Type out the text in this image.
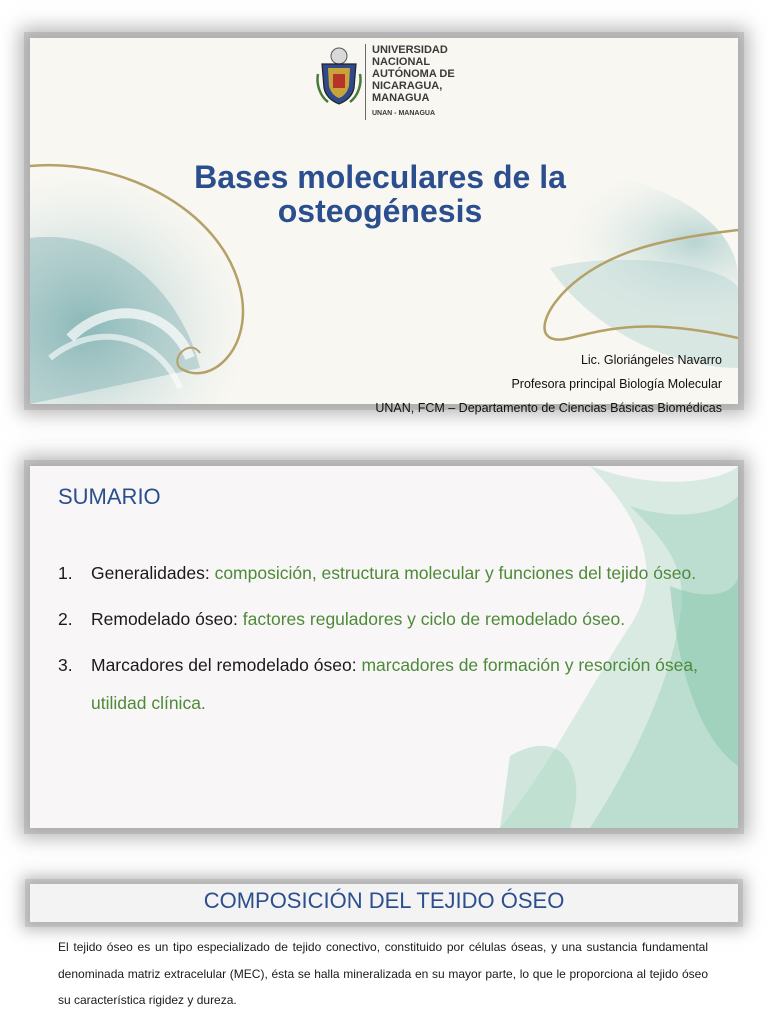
UNIVERSIDAD
NACIONAL
AUTÓNOMA DE
NICARAGUA,
MANAGUA
UNAN - MANAGUA
Bases moleculares de la osteogénesis
Lic. Gloriángeles Navarro
Profesora principal Biología Molecular
UNAN, FCM – Departamento de Ciencias Básicas Biomédicas
SUMARIO
1. Generalidades: composición, estructura molecular y funciones del tejido óseo.
2. Remodelado óseo: factores reguladores y ciclo de remodelado óseo.
3. Marcadores del remodelado óseo: marcadores de formación y resorción ósea, utilidad clínica.
COMPOSICIÓN DEL TEJIDO ÓSEO

El tejido óseo es un tipo especializado de tejido conectivo, constituido por células óseas, y una sustancia fundamental denominada matriz extracelular (MEC), ésta se halla mineralizada en su mayor parte, lo que le proporciona al tejido óseo su característica rigidez y dureza.
